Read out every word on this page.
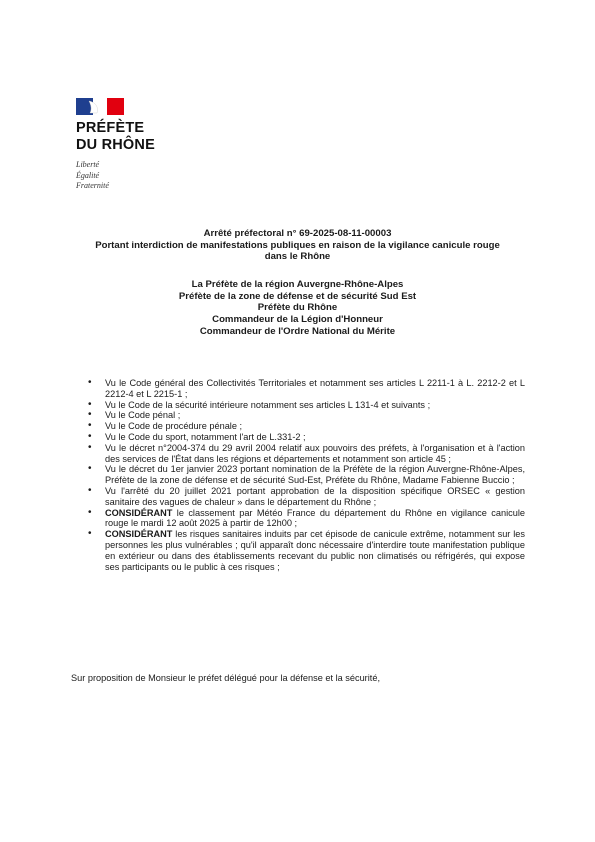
PRÉFÈTE
DU RHÔNE
Liberté
Égalité
Fraternité
Arrêté préfectoral n° 69-2025-08-11-00003
Portant interdiction de manifestations publiques en raison de la vigilance canicule rouge
dans le Rhône
La Préfète de la région Auvergne-Rhône-Alpes
Préfète de la zone de défense et de sécurité Sud Est
Préfète du Rhône
Commandeur de la Légion d'Honneur
Commandeur de l'Ordre National du Mérite
• Vu le Code général des Collectivités Territoriales et notamment ses articles L 2211-1 à L. 2212-2 et L 2212-4 et L 2215-1 ;
• Vu le Code de la sécurité intérieure notamment ses articles L 131-4 et suivants ;
• Vu le Code pénal ;
• Vu le Code de procédure pénale ;
• Vu le Code du sport, notamment l'art de L.331-2 ;
• Vu le décret n°2004-374 du 29 avril 2004 relatif aux pouvoirs des préfets, à l'organisation et à l'action des services de l'État dans les régions et départements et notamment son article 45 ;
• Vu le décret du 1er janvier 2023 portant nomination de la Préfète de la région Auvergne-Rhône-Alpes, Préfète de la zone de défense et de sécurité Sud-Est, Préfète du Rhône, Madame Fabienne Buccio ;
• Vu l'arrêté du 20 juillet 2021 portant approbation de la disposition spécifique ORSEC « gestion sanitaire des vagues de chaleur » dans le département du Rhône ;
• CONSIDÉRANT le classement par Météo France du département du Rhône en vigilance canicule rouge le mardi 12 août 2025 à partir de 12h00 ;
• CONSIDÉRANT les risques sanitaires induits par cet épisode de canicule extrême, notamment sur les personnes les plus vulnérables ; qu'il apparaît donc nécessaire d'interdire toute manifestation publique en extérieur ou dans des établissements recevant du public non climatisés ou réfrigérés, qui expose ses participants ou le public à ces risques ;
Sur proposition de Monsieur le préfet délégué pour la défense et la sécurité,
